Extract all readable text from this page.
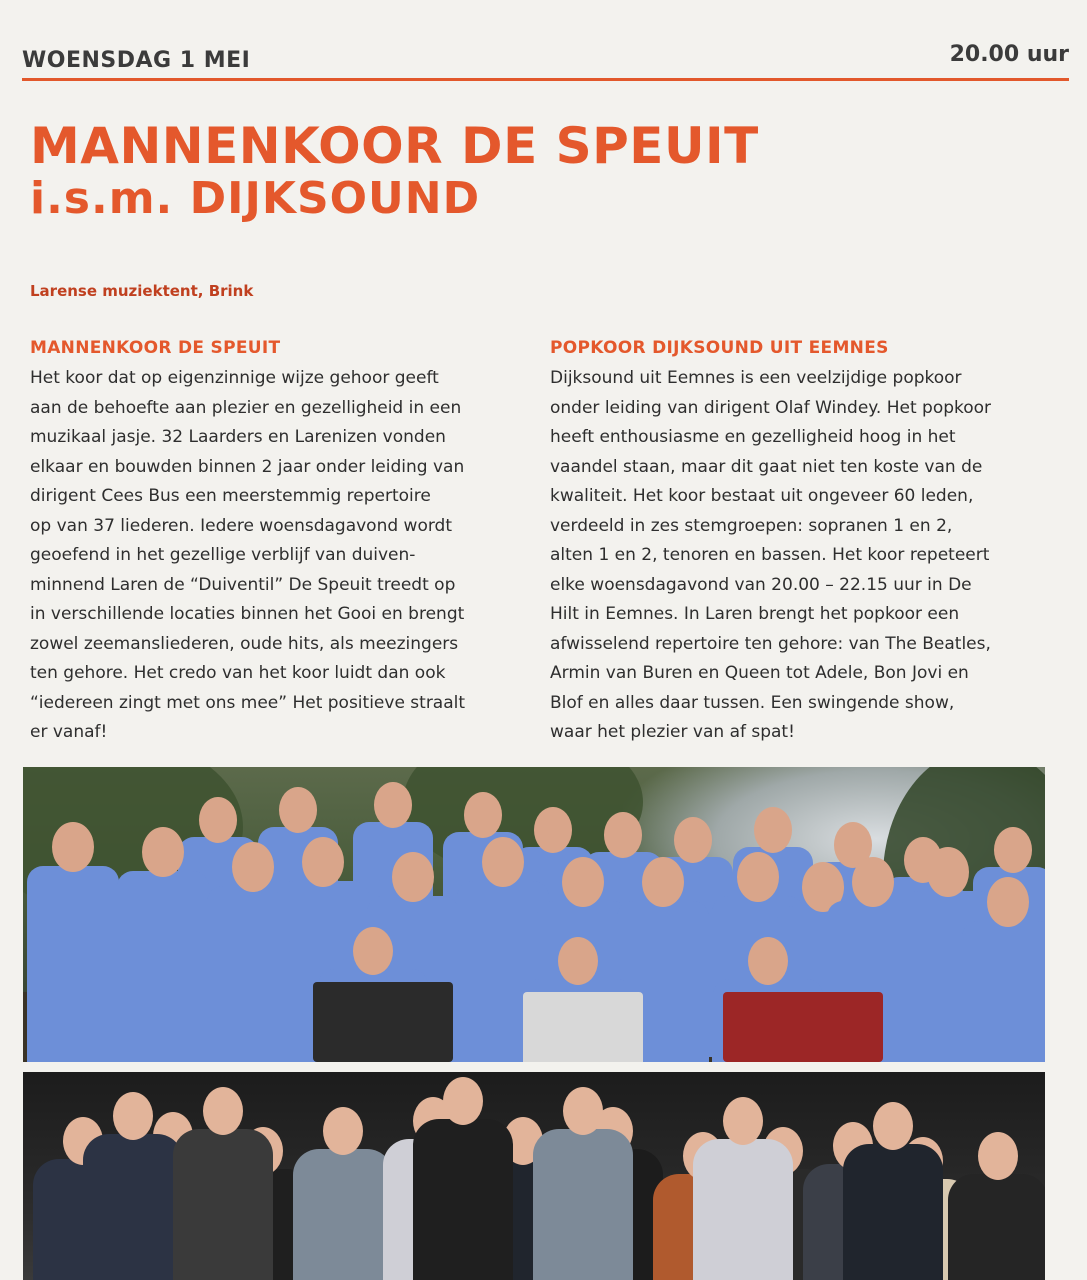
WOENSDAG 1 MEI	20.00 uur
MANNENKOOR DE SPEUIT
i.s.m. DIJKSOUND
Larense muziektent, Brink
MANNENKOOR DE SPEUIT

Het koor dat op eigenzinnige wijze gehoor geeft
aan de behoefte aan plezier en gezelligheid in een
muzikaal jasje. 32 Laarders en Larenizen vonden
elkaar en bouwden binnen 2 jaar onder leiding van
dirigent Cees Bus een meerstemmig repertoire
op van 37 liederen. Iedere woensdagavond wordt
geoefend in het gezellige verblijf van duiven-
minnend Laren de “Duiventil” De Speuit treedt op
in verschillende locaties binnen het Gooi en brengt
zowel zeemansliederen, oude hits, als meezingers
ten gehore. Het credo van het koor luidt dan ook
“iedereen zingt met ons mee” Het positieve straalt
er vanaf!

POPKOOR DIJKSOUND UIT EEMNES

Dijksound uit Eemnes is een veelzijdige popkoor
onder leiding van dirigent Olaf Windey. Het popkoor
heeft enthousiasme en gezelligheid hoog in het
vaandel staan, maar dit gaat niet ten koste van de
kwaliteit. Het koor bestaat uit ongeveer 60 leden,
verdeeld in zes stemgroepen: sopranen 1 en 2,
alten 1 en 2, tenoren en bassen. Het koor repeteert
elke woensdagavond van 20.00 – 22.15 uur in De
Hilt in Eemnes. In Laren brengt het popkoor een
afwisselend repertoire ten gehore: van The Beatles,
Armin van Buren en Queen tot Adele, Bon Jovi en
Blof en alles daar tussen. Een swingende show,
waar het plezier van af spat!
